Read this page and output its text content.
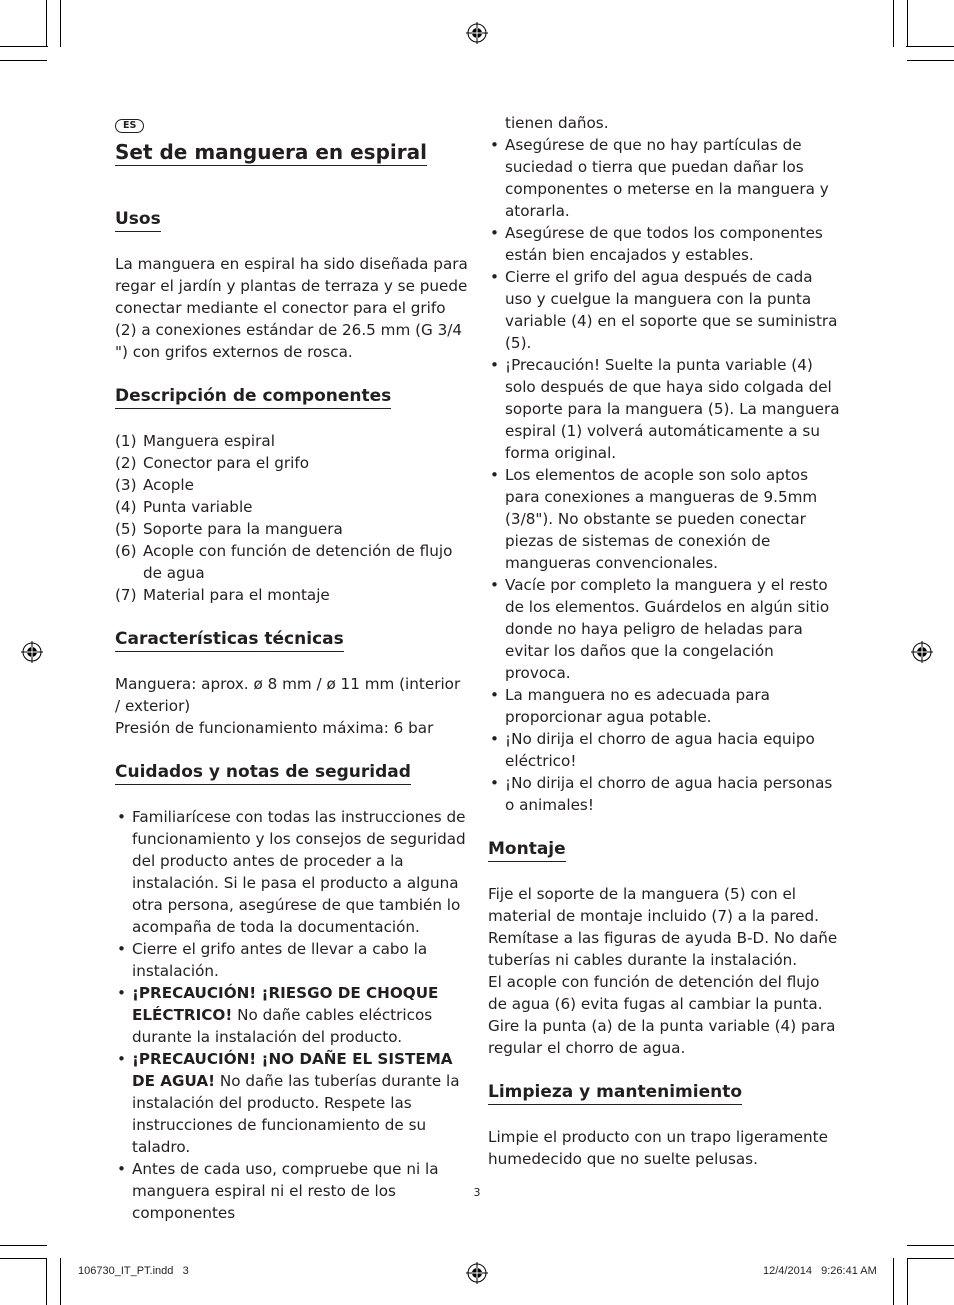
ES
Set de manguera en espiral
Usos

La manguera en espiral ha sido diseñada para regar el jardín y plantas de terraza y se puede conectar mediante el conector para el grifo (2) a conexiones estándar de 26.5 mm (G 3/4 ") con grifos externos de rosca.

Descripción de componentes
(1) Manguera espiral
(2) Conector para el grifo
(3) Acople
(4) Punta variable
(5) Soporte para la manguera
(6) Acople con función de detención de flujo de agua
(7) Material para el montaje
Características técnicas

Manguera: aprox. ø 8 mm / ø 11 mm (interior / exterior)

Presión de funcionamiento máxima: 6 bar

Cuidados y notas de seguridad
• Familiarícese con todas las instrucciones de funcionamiento y los consejos de seguridad del producto antes de proceder a la instalación. Si le pasa el producto a alguna otra persona, asegúrese de que también lo acompaña de toda la documentación.
• Cierre el grifo antes de llevar a cabo la instalación.
• ¡PRECAUCIÓN! ¡RIESGO DE CHOQUE ELÉCTRICO! No dañe cables eléctricos durante la instalación del producto.
• ¡PRECAUCIÓN! ¡NO DAÑE EL SISTEMA DE AGUA! No dañe las tuberías durante la instalación del producto. Respete las instrucciones de funcionamiento de su taladro.
• Antes de cada uso, compruebe que ni la manguera espiral ni el resto de los componentes

tienen daños.

• Asegúrese de que no hay partículas de suciedad o tierra que puedan dañar los componentes o meterse en la manguera y atorarla.
• Asegúrese de que todos los componentes están bien encajados y estables.
• Cierre el grifo del agua después de cada uso y cuelgue la manguera con la punta variable (4) en el soporte que se suministra (5).
• ¡Precaución! Suelte la punta variable (4) solo después de que haya sido colgada del soporte para la manguera (5). La manguera espiral (1) volverá automáticamente a su forma original.
• Los elementos de acople son solo aptos para conexiones a mangueras de 9.5mm (3/8"). No obstante se pueden conectar piezas de sistemas de conexión de mangueras convencionales.
• Vacíe por completo la manguera y el resto de los elementos. Guárdelos en algún sitio donde no haya peligro de heladas para evitar los daños que la congelación provoca.
• La manguera no es adecuada para proporcionar agua potable.
• ¡No dirija el chorro de agua hacia equipo eléctrico!
• ¡No dirija el chorro de agua hacia personas o animales!
Montaje

Fije el soporte de la manguera (5) con el material de montaje incluido (7) a la pared. Remítase a las figuras de ayuda B-D. No dañe tuberías ni cables durante la instalación.

El acople con función de detención del flujo de agua (6) evita fugas al cambiar la punta. Gire la punta (a) de la punta variable (4) para regular el chorro de agua.

Limpieza y mantenimiento

Limpie el producto con un trapo ligeramente humedecido que no suelte pelusas.

3
106730_IT_PT.indd   3	12/4/2014   9:26:41 AM
